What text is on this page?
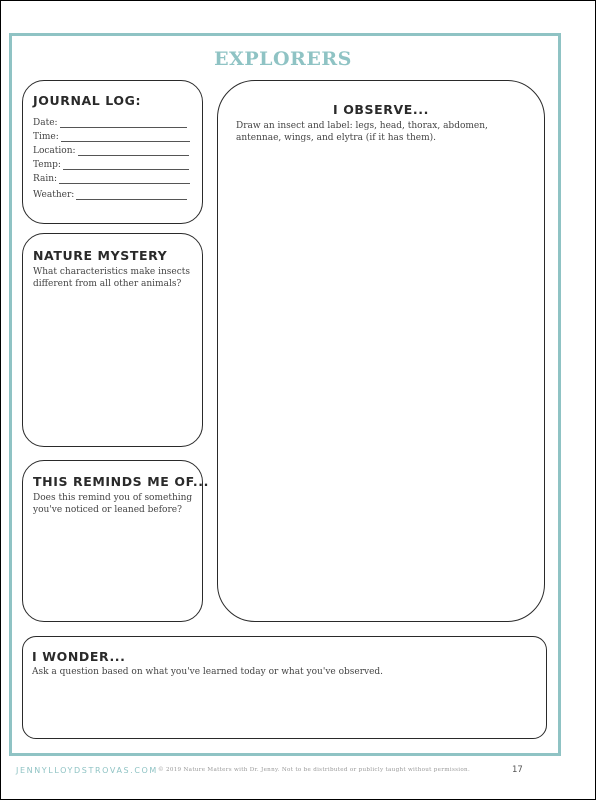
EXPLORERS
JOURNAL LOG:
Date:
Time:
Location:
Temp:
Rain:
Weather:
NATURE MYSTERY
What characteristics make insects different from all other animals?
THIS REMINDS ME OF...
Does this remind you of something you've noticed or leaned before?
I OBSERVE...
Draw an insect and label: legs, head, thorax, abdomen, antennae, wings, and elytra (if it has them).
I WONDER...
Ask a question based on what you've learned today or what you've observed.
JENNYLLOYDSTROVAS.COM © 2019 Nature Matters with Dr. Jenny. Not to be distributed or publicly taught without permission.	17
